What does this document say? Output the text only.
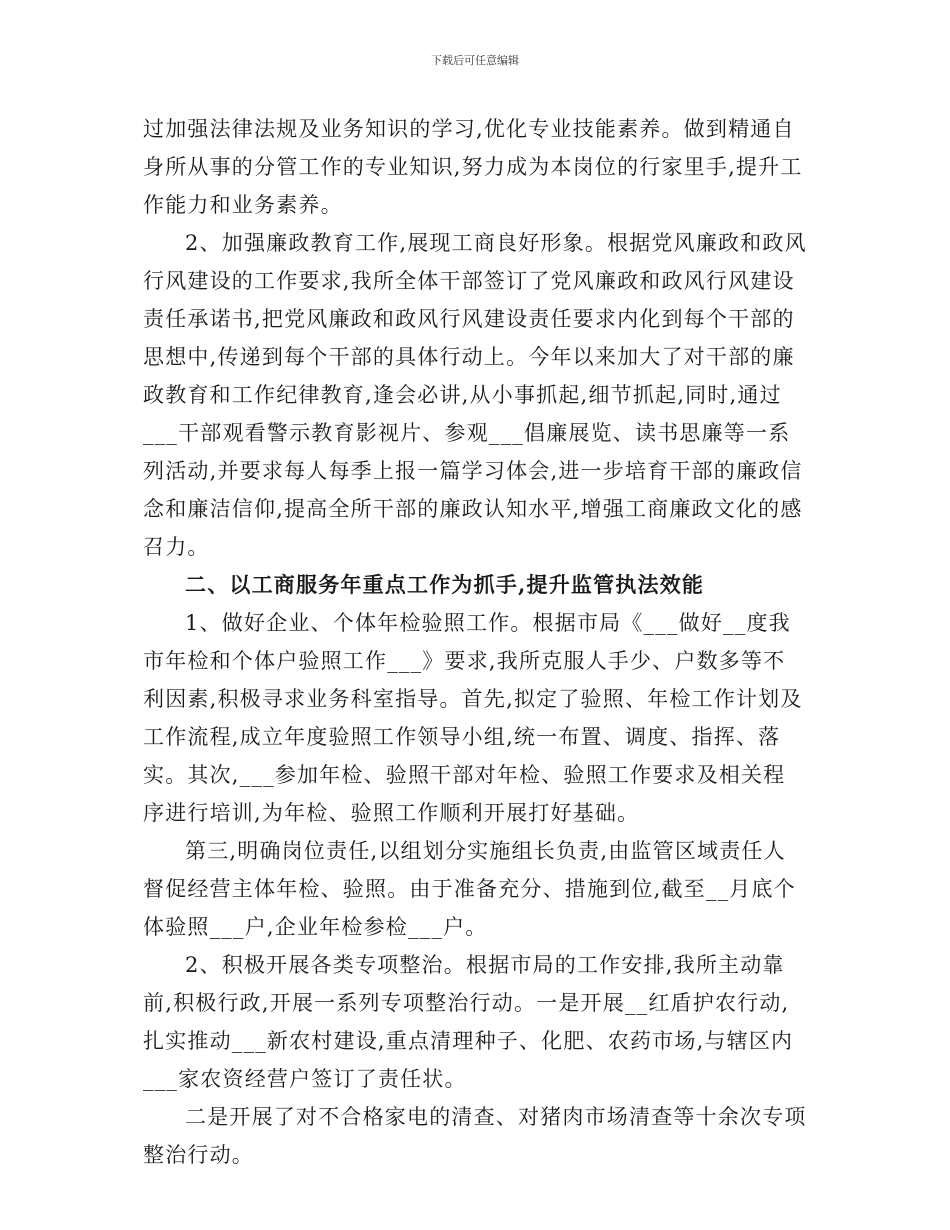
下载后可任意编辑

过加强法律法规及业务知识的学习,优化专业技能素养。做到精通自身所从事的分管工作的专业知识,努力成为本岗位的行家里手,提升工作能力和业务素养。

2、加强廉政教育工作,展现工商良好形象。根据党风廉政和政风行风建设的工作要求,我所全体干部签订了党风廉政和政风行风建设责任承诺书,把党风廉政和政风行风建设责任要求内化到每个干部的思想中,传递到每个干部的具体行动上。今年以来加大了对干部的廉政教育和工作纪律教育,逢会必讲,从小事抓起,细节抓起,同时,通过___干部观看警示教育影视片、参观___倡廉展览、读书思廉等一系列活动,并要求每人每季上报一篇学习体会,进一步培育干部的廉政信念和廉洁信仰,提高全所干部的廉政认知水平,增强工商廉政文化的感召力。

二、以工商服务年重点工作为抓手,提升监管执法效能

1、做好企业、个体年检验照工作。根据市局《___做好__度我市年检和个体户验照工作___》要求,我所克服人手少、户数多等不利因素,积极寻求业务科室指导。首先,拟定了验照、年检工作计划及工作流程,成立年度验照工作领导小组,统一布置、调度、指挥、落实。其次,___参加年检、验照干部对年检、验照工作要求及相关程序进行培训,为年检、验照工作顺利开展打好基础。

第三,明确岗位责任,以组划分实施组长负责,由监管区域责任人督促经营主体年检、验照。由于准备充分、措施到位,截至__月底个体验照___户,企业年检参检___户。

2、积极开展各类专项整治。根据市局的工作安排,我所主动靠前,积极行政,开展一系列专项整治行动。一是开展__红盾护农行动,扎实推动___新农村建设,重点清理种子、化肥、农药市场,与辖区内___家农资经营户签订了责任状。

二是开展了对不合格家电的清查、对猪肉市场清查等十余次专项整治行动。
